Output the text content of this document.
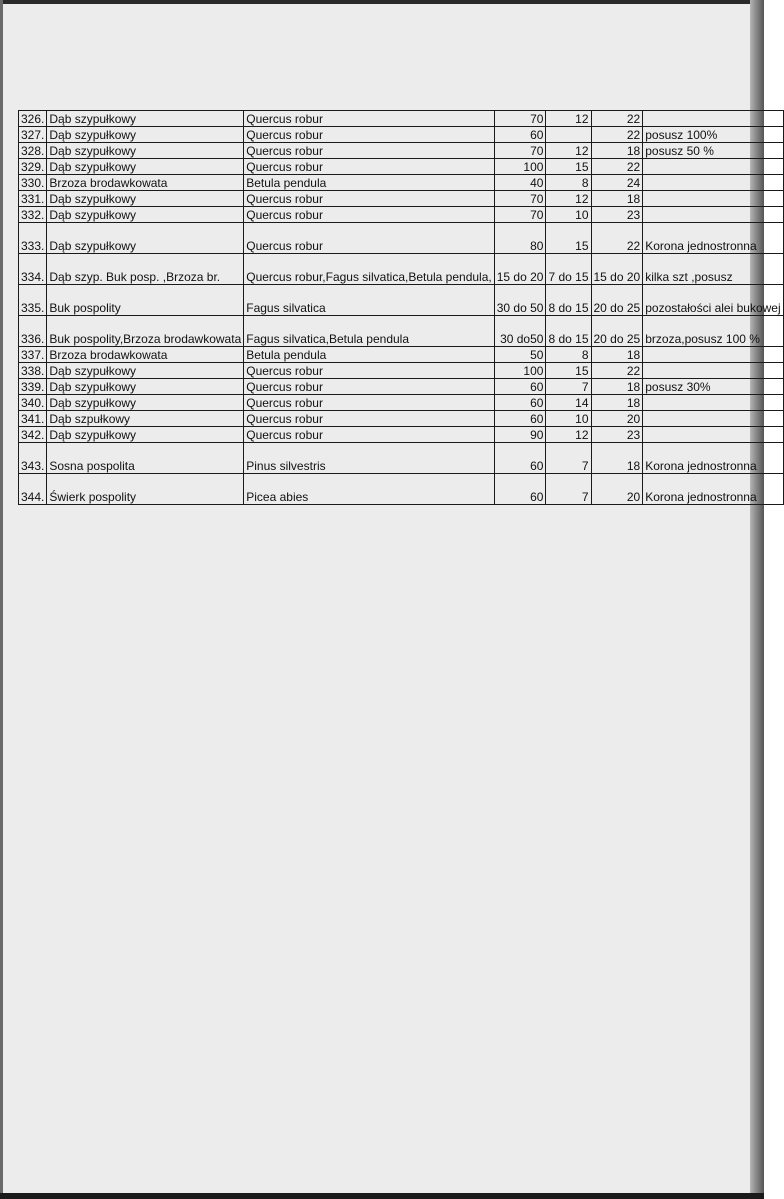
326.	Dąb szypułkowy	Quercus robur	70	12	22	
327.	Dąb szypułkowy	Quercus robur	60		22	posusz 100%
328.	Dąb szypułkowy	Quercus robur	70	12	18	posusz 50 %
329.	Dąb szypułkowy	Quercus robur	100	15	22	
330.	Brzoza brodawkowata	Betula pendula	40	8	24	
331.	Dąb szypułkowy	Quercus robur	70	12	18	
332.	Dąb szypułkowy	Quercus robur	70	10	23	
333.	Dąb szypułkowy	Quercus robur	80	15	22	Korona jednostronna
334.	Dąb szyp. Buk posp. ,Brzoza br.	Quercus robur,Fagus silvatica,Betula pendula,	15 do 20	7 do 15	15 do 20	kilka szt ,posusz
335.	Buk pospolity	Fagus silvatica	30 do 50	8 do 15	20 do 25	pozostałości alei bukowej
336.	Buk pospolity,Brzoza brodawkowata	Fagus silvatica,Betula pendula	30 do50	8 do 15	20 do 25	brzoza,posusz 100 %
337.	Brzoza brodawkowata	Betula pendula	50	8	18	
338.	Dąb szypułkowy	Quercus robur	100	15	22	
339.	Dąb szypułkowy	Quercus robur	60	7	18	posusz 30%
340.	Dąb szypułkowy	Quercus robur	60	14	18	
341.	Dąb szpułkowy	Quercus robur	60	10	20	
342.	Dąb szypułkowy	Quercus robur	90	12	23	
343.	Sosna pospolita	Pinus silvestris	60	7	18	Korona jednostronna
344.	Świerk pospolity	Picea abies	60	7	20	Korona jednostronna
